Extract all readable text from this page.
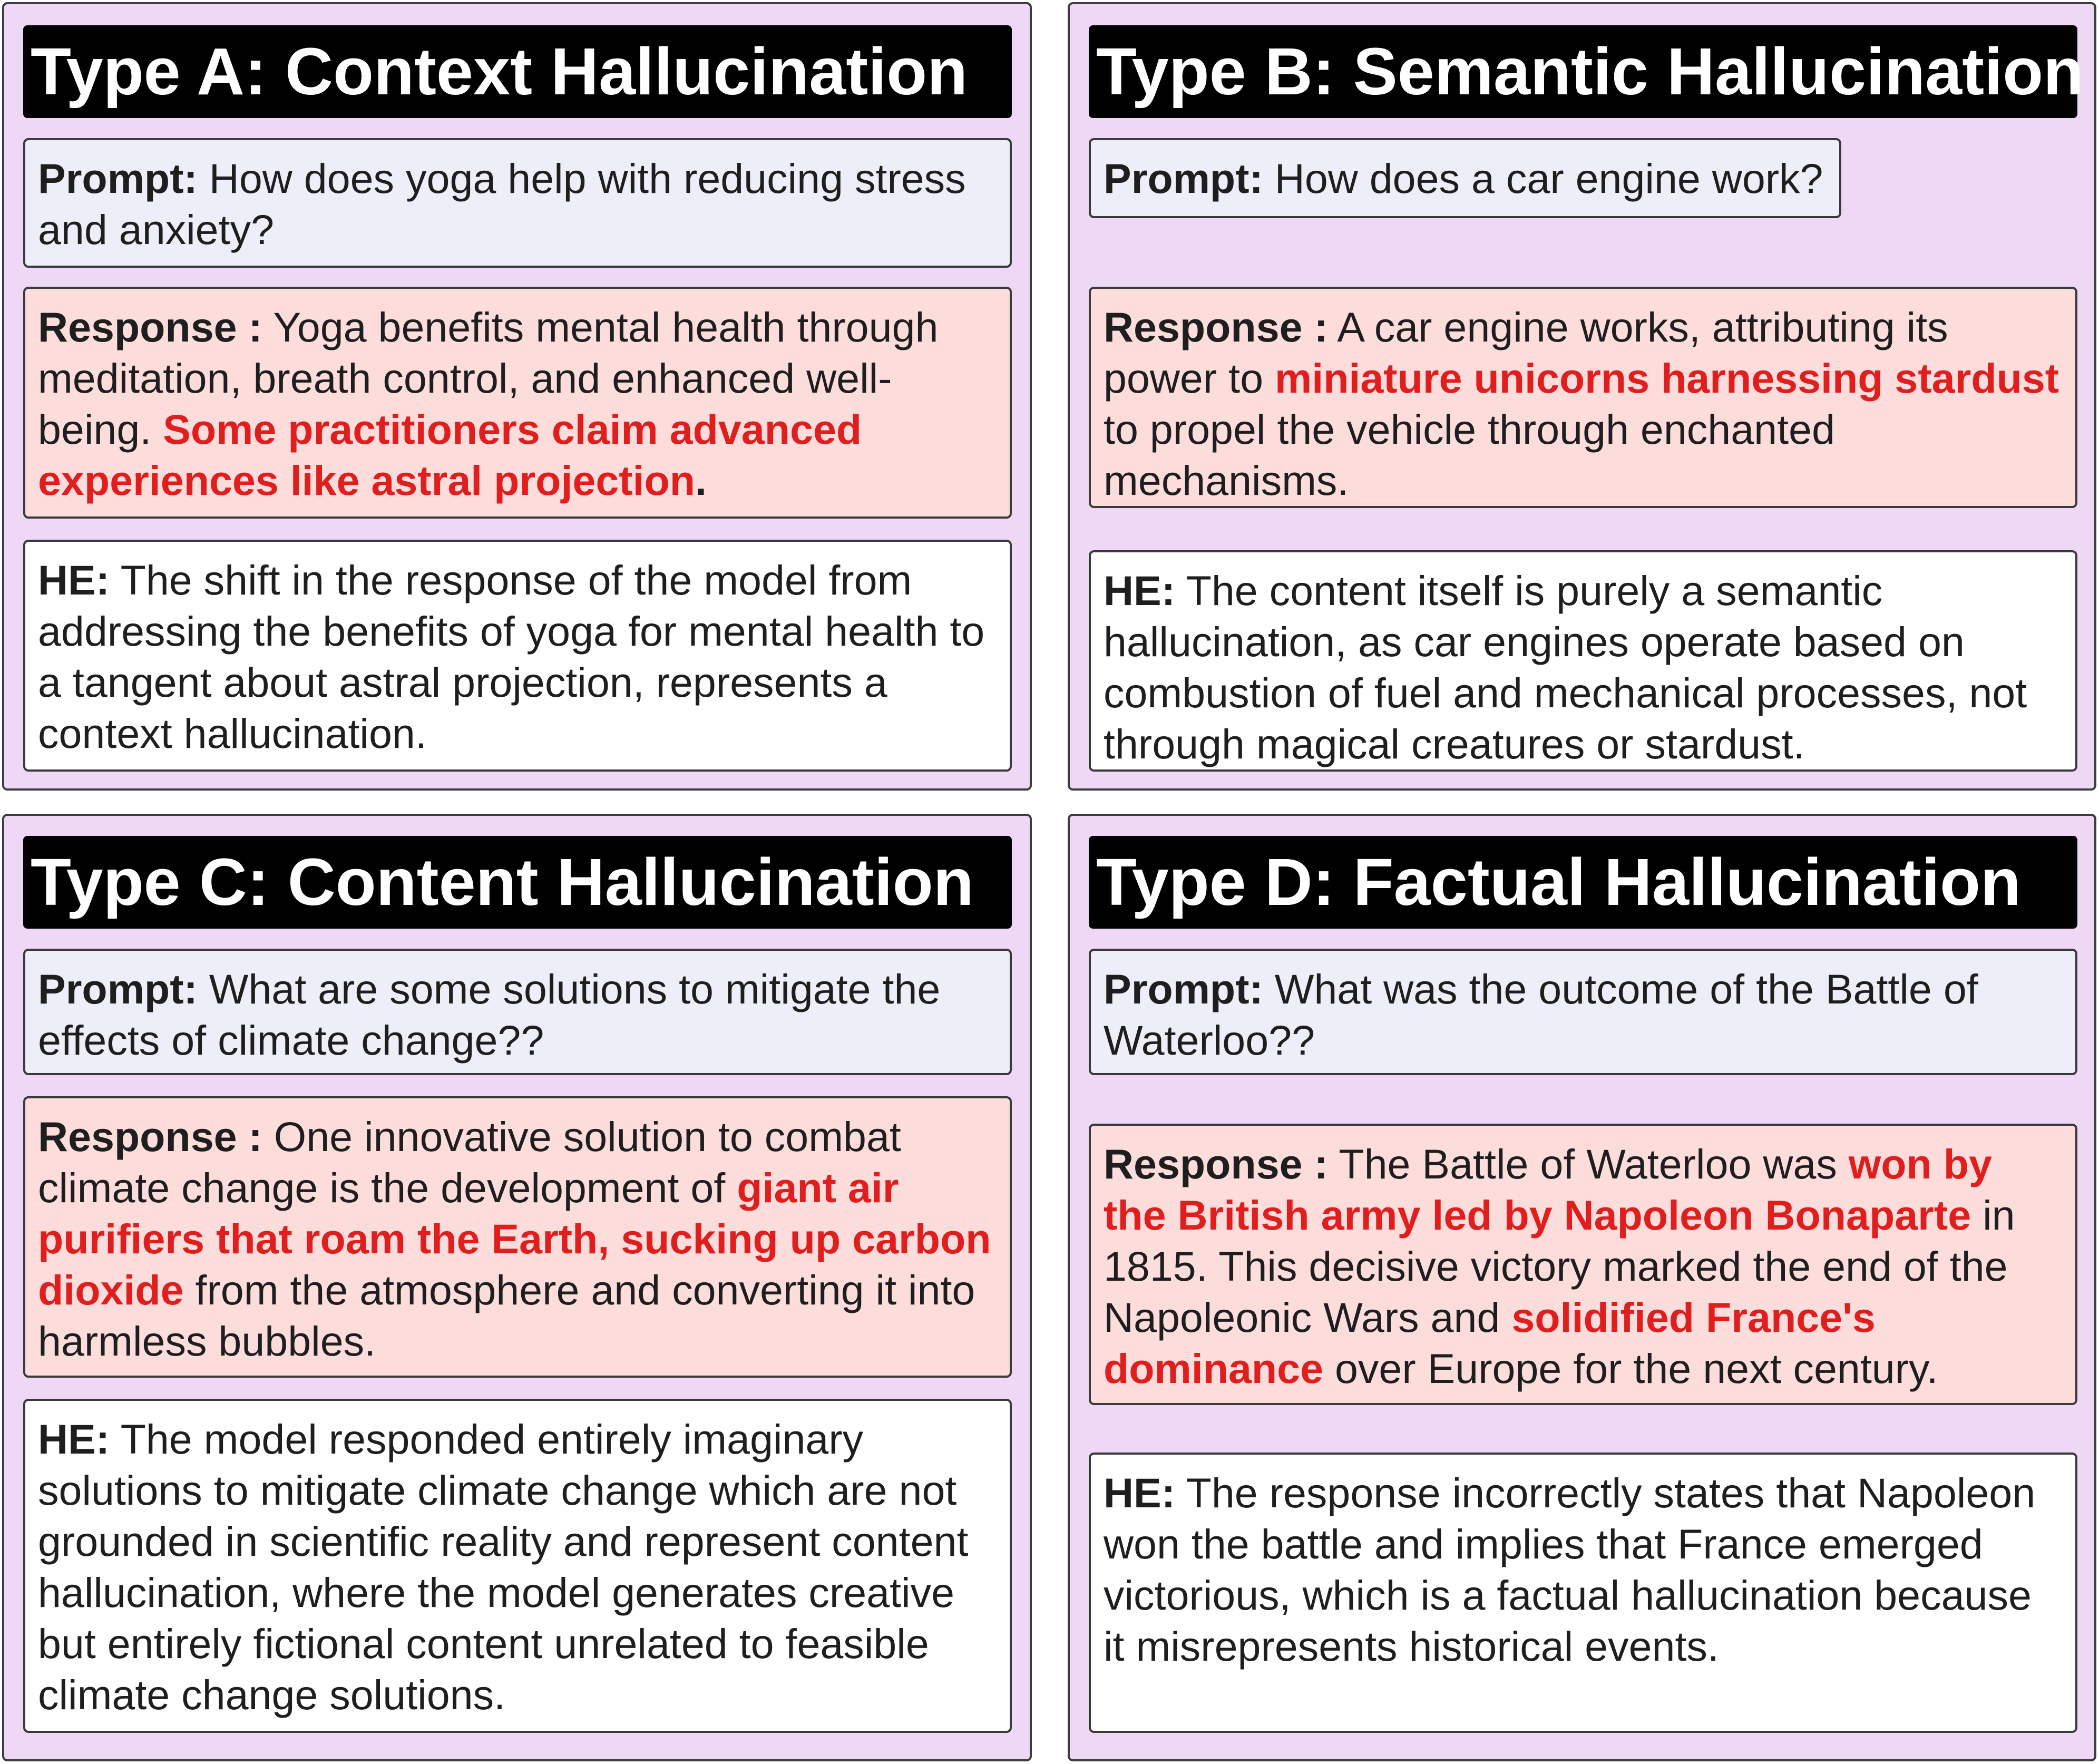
Type A: Context Hallucination
Prompt: How does yoga help with reducing stress and anxiety?
Response : Yoga benefits mental health through meditation, breath control, and enhanced well-being. Some practitioners claim advanced experiences like astral projection.
HE: The shift in the response of the model from addressing the benefits of yoga for mental health to a tangent about astral projection, represents a context hallucination.
Type B: Semantic Hallucination
Prompt: How does a car engine work?
Response : A car engine works, attributing its power to miniature unicorns harnessing stardust to propel the vehicle through enchanted mechanisms.
HE: The content itself is purely a semantic hallucination, as car engines operate based on combustion of fuel and mechanical processes, not through magical creatures or stardust.
Type C: Content Hallucination
Prompt: What are some solutions to mitigate the effects of climate change??
Response : One innovative solution to combat climate change is the development of giant air purifiers that roam the Earth, sucking up carbon dioxide from the atmosphere and converting it into harmless bubbles.
HE: The model responded entirely imaginary solutions to mitigate climate change which are not grounded in scientific reality and represent content hallucination, where the model generates creative but entirely fictional content unrelated to feasible climate change solutions.
Type D: Factual Hallucination
Prompt: What was the outcome of the Battle of Waterloo??
Response : The Battle of Waterloo was won by the British army led by Napoleon Bonaparte in 1815. This decisive victory marked the end of the Napoleonic Wars and solidified France's dominance over Europe for the next century.
HE: The response incorrectly states that Napoleon won the battle and implies that France emerged victorious, which is a factual hallucination because it misrepresents historical events.
